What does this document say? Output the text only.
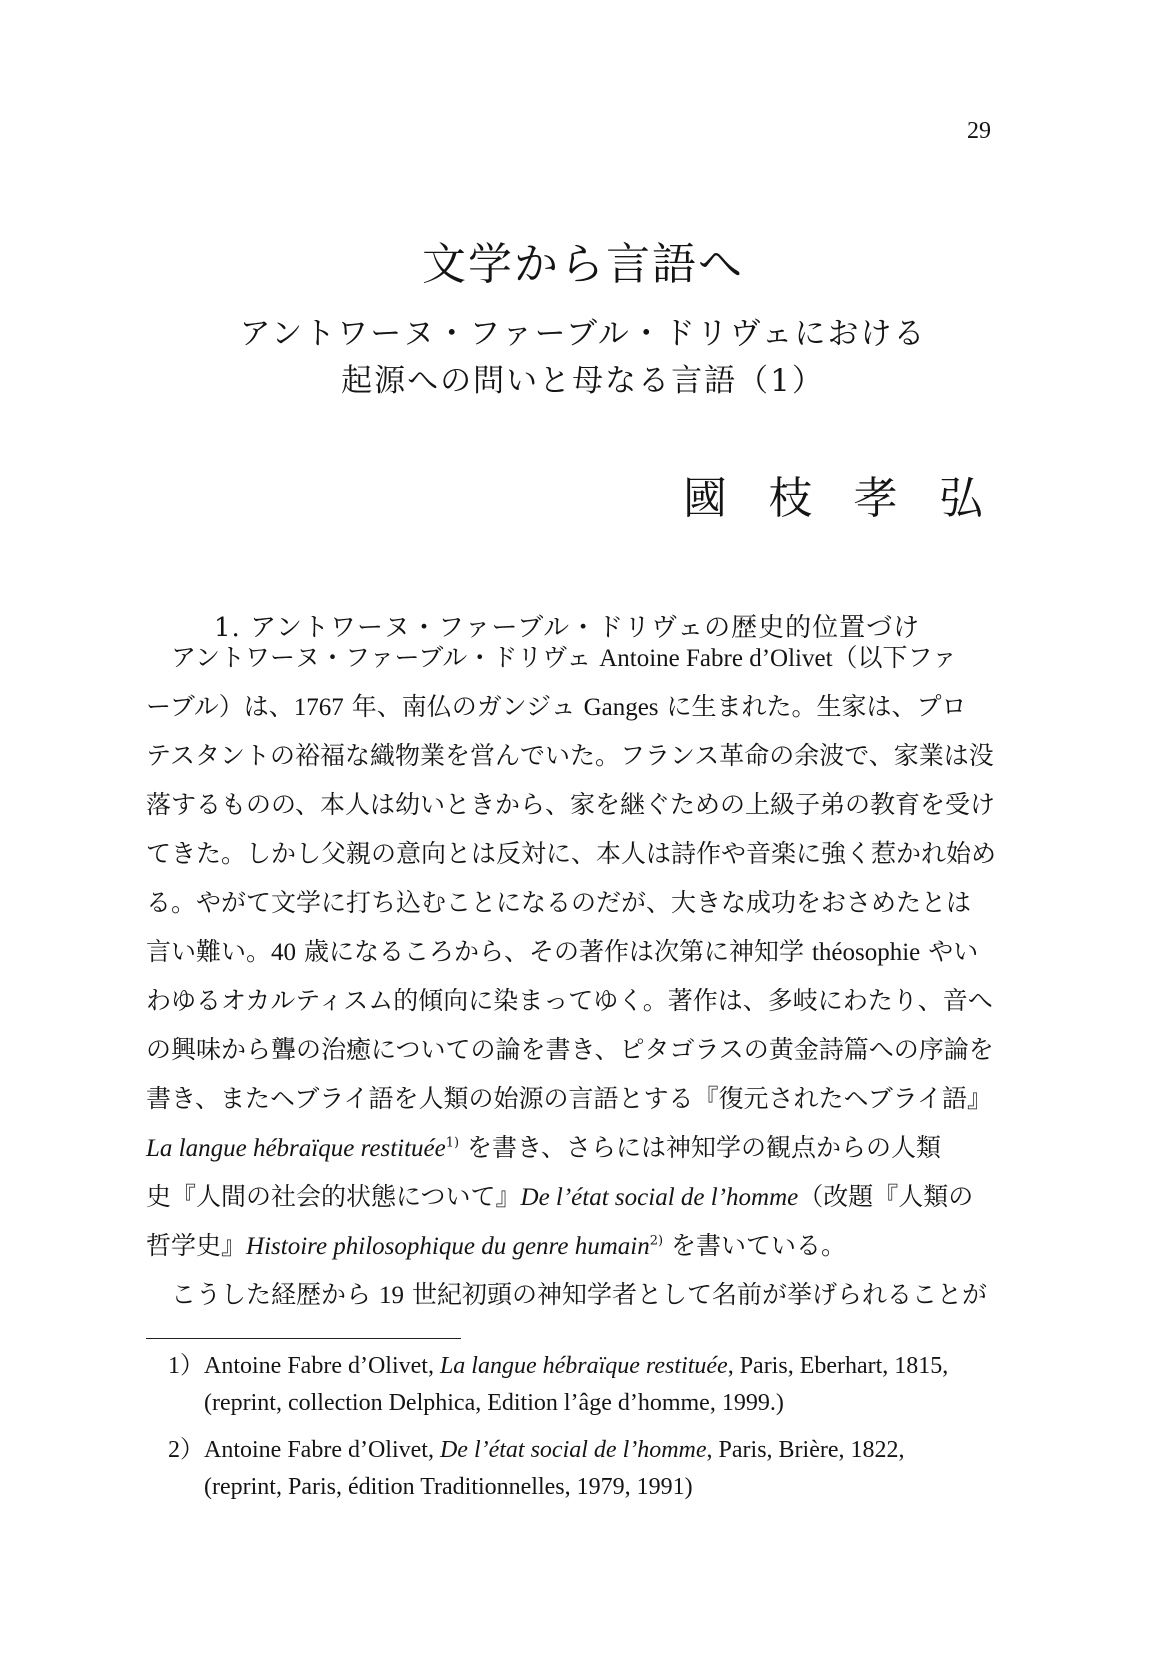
29
文学から言語へ
アントワーヌ・ファーブル・ドリヴェにおける
起源への問いと母なる言語（1）
國 枝 孝 弘
1. アントワーヌ・ファーブル・ドリヴェの歴史的位置づけ
　アントワーヌ・ファーブル・ドリヴェ Antoine Fabre d’Olivet（以下ファ
ーブル）は、1767 年、南仏のガンジュ Ganges に生まれた。生家は、プロ
テスタントの裕福な織物業を営んでいた。フランス革命の余波で、家業は没
落するものの、本人は幼いときから、家を継ぐための上級子弟の教育を受け
てきた。しかし父親の意向とは反対に、本人は詩作や音楽に強く惹かれ始め
る。やがて文学に打ち込むことになるのだが、大きな成功をおさめたとは
言い難い。40 歳になるころから、その著作は次第に神知学 théosophie やい
わゆるオカルティスム的傾向に染まってゆく。著作は、多岐にわたり、音へ
の興味から聾の治癒についての論を書き、ピタゴラスの黄金詩篇への序論を
書き、またヘブライ語を人類の始源の言語とする『復元されたヘブライ語』
La langue hébraïque restituée$^{1)}$ を書き、さらには神知学の観点からの人類
史『人間の社会的状態について』De l’état social de l’homme（改題『人類の
哲学史』Histoire philosophique du genre humain$^{2)}$ を書いている。
　こうした経歴から 19 世紀初頭の神知学者として名前が挙げられることが
1）Antoine Fabre d’Olivet, La langue hébraïque restituée, Paris, Eberhart, 1815,
(reprint, collection Delphica, Edition l’âge d’homme, 1999.)
2）Antoine Fabre d’Olivet, De l’état social de l’homme, Paris, Brière, 1822,
(reprint, Paris, édition Traditionnelles, 1979, 1991)
